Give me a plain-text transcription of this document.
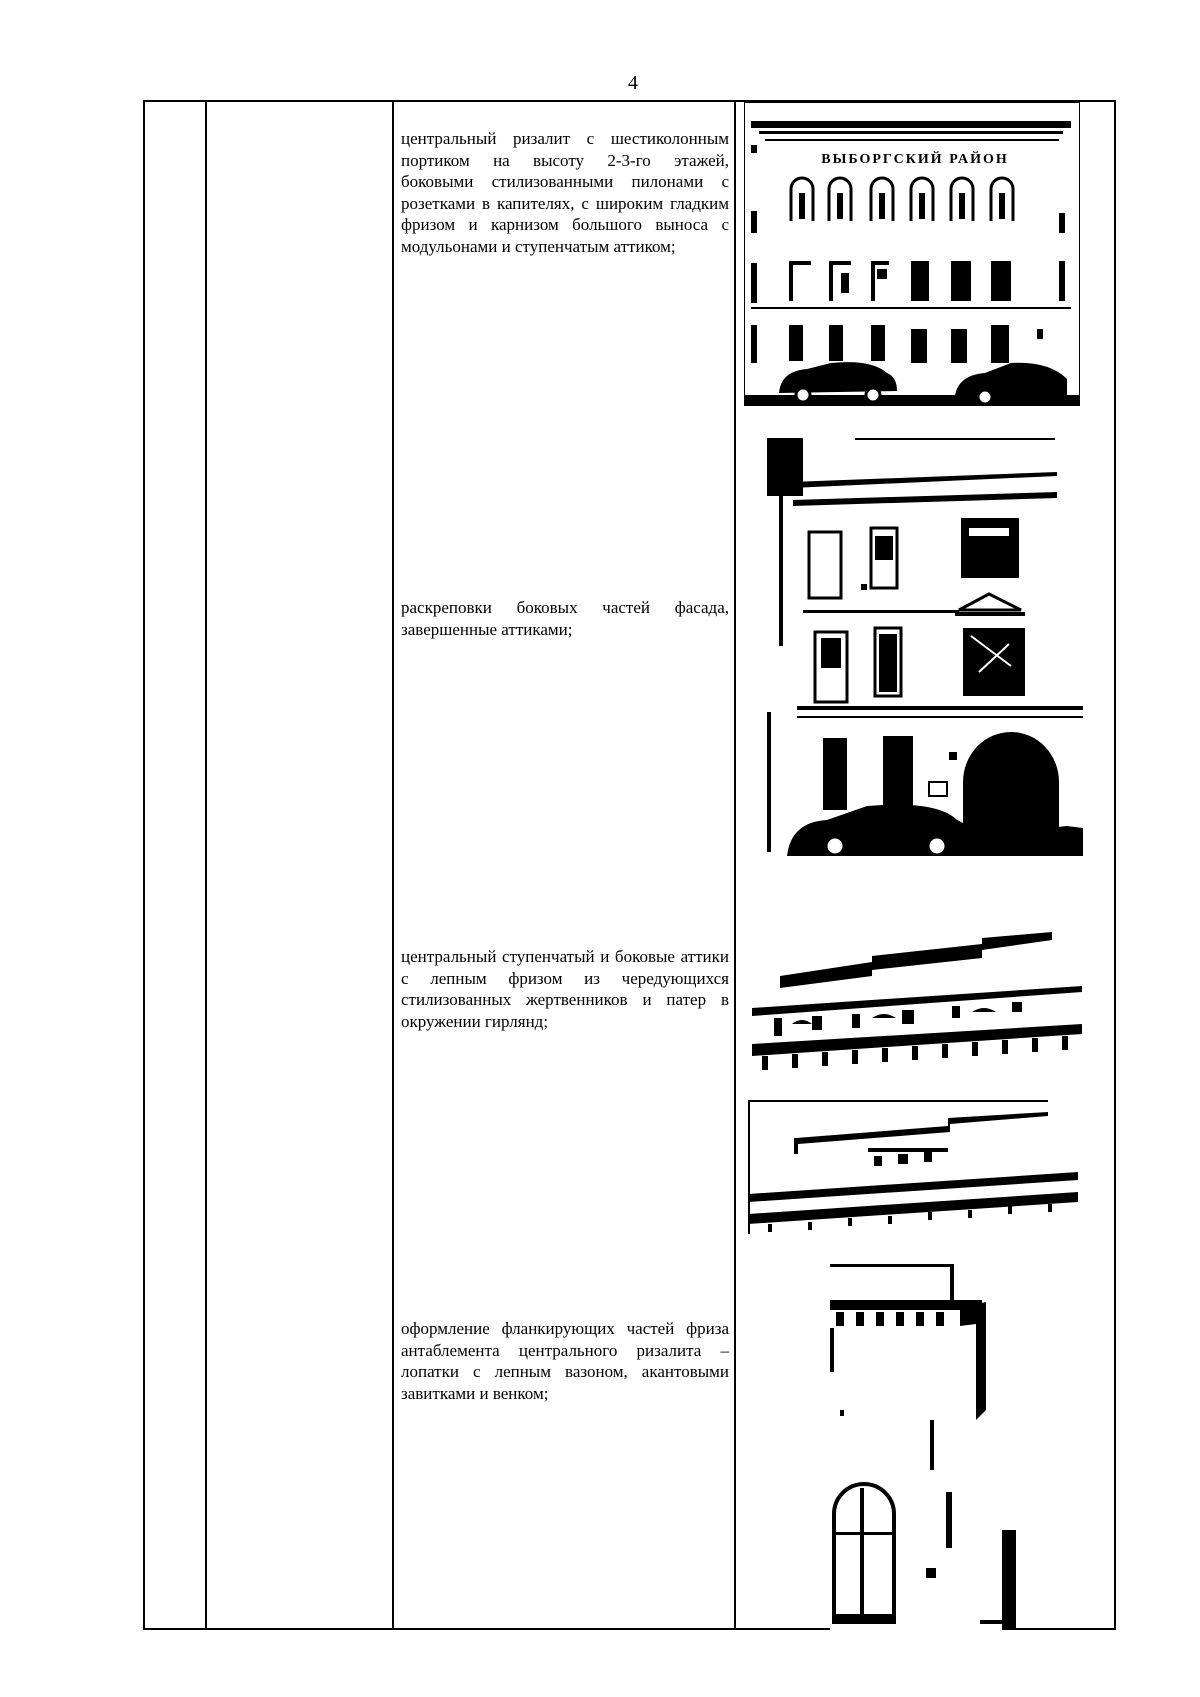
4
центральный ризалит с шестиколонным портиком на высоту 2-3-го этажей, боковыми стилизованными пилонами с розетками в капителях, с широким гладким фризом и карнизом большого выноса с модульонами и ступенчатым аттиком;
раскреповки боковых частей фасада, завершенные аттиками;
центральный ступенчатый и боковые аттики с лепным фризом из чередующихся стилизованных жертвенников и патер в окружении гирлянд;
оформление фланкирующих частей фриза антаблемента центрального ризалита – лопатки с лепным вазоном, акантовыми завитками и венком;
ВЫБОРГСКИЙ РАЙОН
